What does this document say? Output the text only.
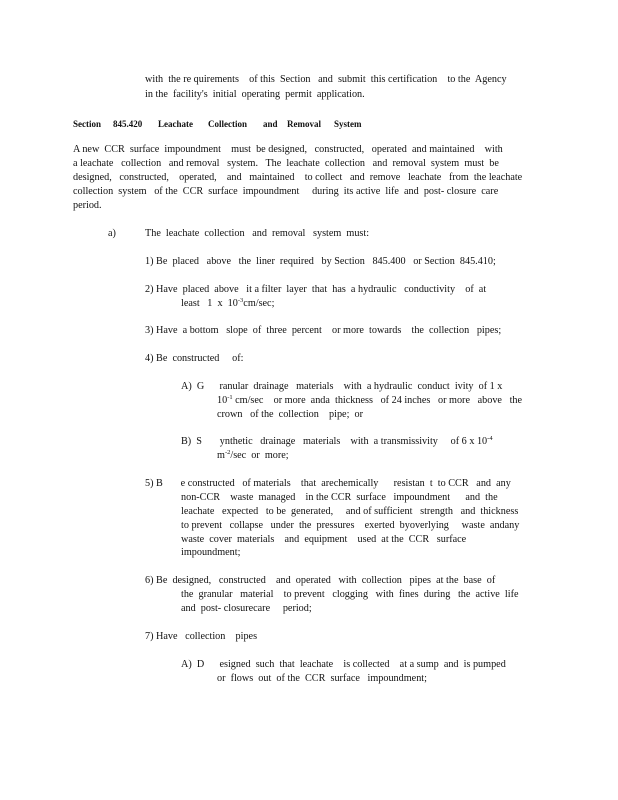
with  the re quirements    of this  Section   and  submit  this certification    to the  Agency
in the  facility's  initial  operating  permit  application.
Section 845.420 Leachate Collection and Removal System
A new  CCR  surface  impoundment    must  be designed,   constructed,   operated  and maintained    with
a leachate   collection   and removal   system.   The  leachate  collection   and  removal  system  must  be
designed,   constructed,    operated,    and   maintained    to collect   and  remove   leachate   from  the leachate
collection  system   of the  CCR  surface  impoundment     during  its active  life  and  post- closure  care
period.
a)	The  leachate  collection   and  removal   system  must:
1) Be  placed   above   the  liner  required   by Section   845.400   or Section  845.410;
2) Have  placed  above   it a filter  layer  that  has  a hydraulic   conductivity    of  at
least   1  x  $10^{-3}cm/\sec$;
3) Have  a bottom   slope  of  three  percent    or more  towards    the  collection   pipes;
4) Be  constructed     of:
A)  G      ranular  drainage   materials    with  a hydraulic  conduct  ivity  of 1 x
$10^{-1}$ cm/sec    or more  anda  thickness   of 24 inches   or more   above   the
crown   of the  collection    pipe;  or
B)  S       ynthetic   drainage   materials    with  a transmissivity     of 6 x $10^{-4}$
$m^{-2}/\sec$  or  more;
5) B       e constructed   of materials    that  arechemically      resistan  t  to CCR   and  any
non-CCR    waste  managed    in the CCR  surface   impoundment      and  the
leachate   expected   to be  generated,     and of sufficient   strength   and  thickness
to prevent   collapse   under  the  pressures    exerted  byoverlying     waste  andany
waste  cover  materials    and  equipment    used  at the  CCR   surface
impoundment;
6) Be  designed,   constructed    and  operated   with  collection   pipes  at the  base  of
the  granular   material    to prevent   clogging   with  fines  during   the  active  life
and  post- closurecare     period;
7) Have   collection    pipes
A)  D      esigned  such  that  leachate    is collected    at a sump  and  is pumped
or  flows  out  of the  CCR  surface   impoundment;
